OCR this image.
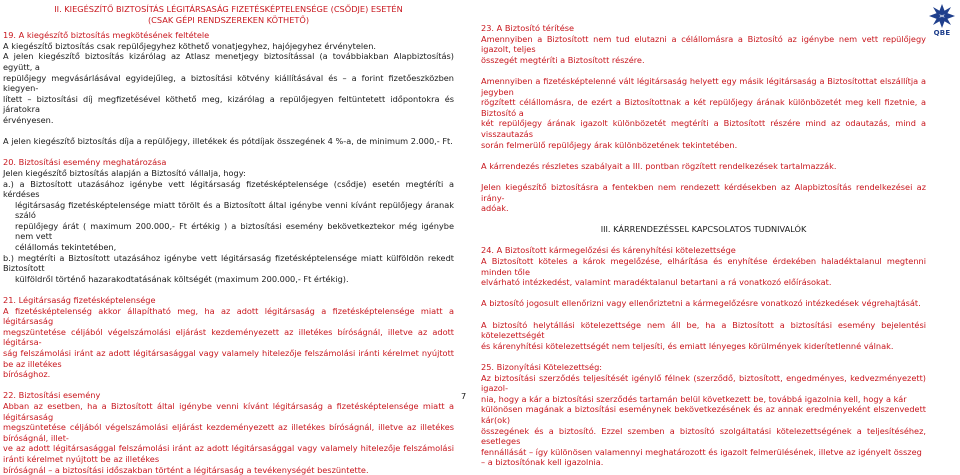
II. KIEGÉSZÍTŐ BIZTOSÍTÁS LÉGITÁRSASÁG FIZETÉSKÉPTELENSÉGE (CSŐDJE) ESETÉN

(CSAK GÉPI RENDSZEREKEN KÖTHETŐ)

19. A kiegészítő biztosítás megkötésének feltétele

A kiegészítő biztosítás csak repülőjegyhez köthető vonatjegyhez, hajójegyhez érvénytelen.

A jelen kiegészítő biztosítás kizárólag az Atlasz menetjegy biztosítással (a továbbiakban Alapbiztosítás) együtt, a

repülőjegy megvásárlásával egyidejűleg, a biztosítási kötvény kiállításával és – a forint fizetőeszközben kiegyen-

lített – biztosítási díj megfizetésével köthető meg, kizárólag a repülőjegyen feltüntetett időpontokra és járatokra

érvényesen.

A jelen kiegészítő biztosítás díja a repülőjegy, illetékek és pótdíjak összegének 4 %-a, de minimum 2.000,- Ft.

20. Biztosítási esemény meghatározása

Jelen kiegészítő biztosítás alapján a Biztosító vállalja, hogy:

a.) a Biztosított utazásához igénybe vett légitársaság fizetésképtelensége (csődje) esetén megtéríti a kérdéses

légitársaság fizetésképtelensége miatt törölt és a Biztosított által igénybe venni kívánt repülőjegy áranak száló

repülőjegy árát ( maximum 200.000,- Ft értékig ) a biztosítási esemény bekövetkeztekor még igénybe nem vett

célállomás tekintetében,

b.) megtéríti a Biztosított utazásához igénybe vett légitársaság fizetésképtelensége miatt külföldön rekedt Biztosított

külföldről történő hazarakodtatásának költségét (maximum 200.000,- Ft értékig).

21. Légitársaság fizetésképtelensége

A fizetésképtelenség akkor állapítható meg, ha az adott légitársaság a fizetésképtelensége miatt a légitársaság

megszüntetése céljából végelszámolási eljárást kezdeményezett az illetékes bíróságnál, illetve az adott légitársa-

ság felszámolási iránt az adott légitársasággal vagy valamely hitelezője felszámolási iránti kérelmet nyújtott be az illetékes

bírósághoz.

22. Biztosítási esemény

Abban az esetben, ha a Biztosított által igénybe venni kívánt légitársaság a fizetésképtelensége miatt a légitársaság

megszüntetése céljából végelszámolási eljárást kezdeményezett az illetékes bíróságnál, illetve az illetékes bíróságnál, illet-

ve az adott légitársasággal felszámolási iránt az adott légitársasággal vagy valamely hitelezője felszámolási iránti kérelmet nyújtott be az illetékes

bíróságnál – a biztosítási időszakban történt a légitársaság a tevékenységét beszüntette.

7

23. A Biztosító térítése

Amennyiben a Biztosított nem tud elutazni a célállomásra a Biztosító az igénybe nem vett repülőjegy igazolt, teljes

összegét megtéríti a Biztosított részére.

Amennyiben a fizetésképtelenné vált légitársaság helyett egy másik légitársaság a Biztosítottat elszállítja a jegyben

rögzített célállomásra, de ezért a Biztosítottnak a két repülőjegy árának különbözetét meg kell fizetnie, a Biztosító a

két repülőjegy árának igazolt különbözetét megtéríti a Biztosított részére mind az odautazás, mind a visszautazás

során felmerülő repülőjegy árak különbözetének tekintetében.

A kárrendezés részletes szabályait a III. pontban rögzített rendelkezések tartalmazzák.

Jelen kiegészítő biztosításra a fentekben nem rendezett kérdésekben az Alapbiztosítás rendelkezései az irány-

adóak.

III. KÁRRENDEZÉSSEL KAPCSOLATOS TUDNIVALÓK

24. A Biztosított kármegelőzési és kárenyhítési kötelezettsége

A Biztosított köteles a károk megelőzése, elhárítása és enyhítése érdekében haladéktalanul megtenni minden tőle

elvárható intézkedést, valamint maradéktalanul betartani a rá vonatkozó előírásokat.

A biztosító jogosult ellenőrizni vagy ellenőriztetni a kármegelőzésre vonatkozó intézkedések végrehajtását.

A biztosító helytállási kötelezettsége nem áll be, ha a Biztosított a biztosítási esemény bejelentési kötelezettségét

és kárenyhítési kötelezettségét nem teljesíti, és emiatt lényeges körülmények kiderítetlenné válnak.

25. Bizonyítási Kötelezettség:

Az biztosítási szerződés teljesítését igénylő félnek (szerződő, biztosított, engedményes, kedvezményezett) igazol-

nia, hogy a kár a biztosítási szerződés tartamán belül következett be, továbbá igazolnia kell, hogy a kár

különösen magának a biztosítási eseménynek bekövetkezésének és az annak eredményeként elszenvedett kár(ok)

összegének és a biztosító. Ezzel szemben a biztosító szolgáltatási kötelezettségének a teljesítéséhez, esetleges

fennállását – így különösen valamennyi meghatározott és igazolt felmerülésének, illetve az igényelt összeg

– a biztosítónak kell igazolnia.

QBE
